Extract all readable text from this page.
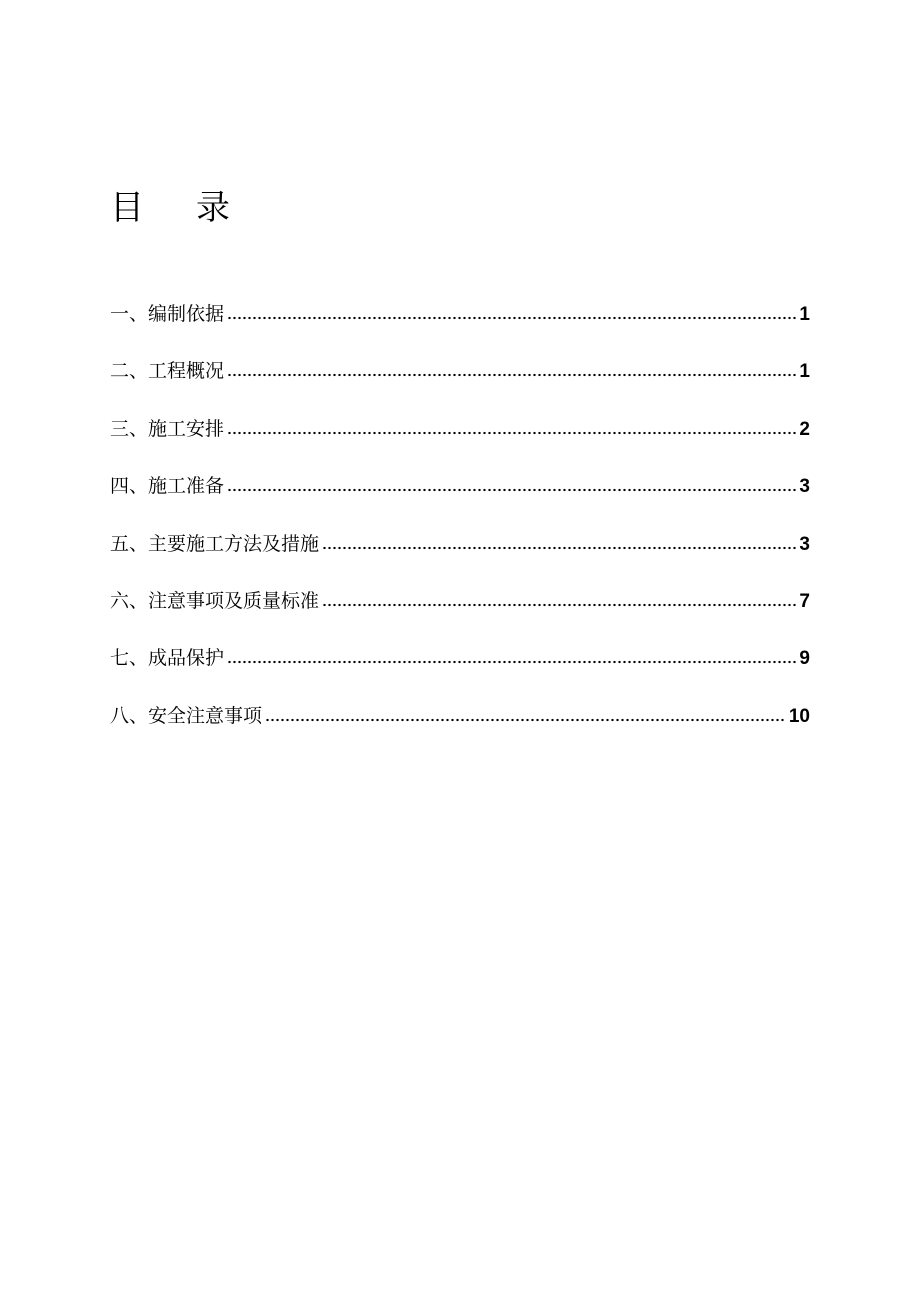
目 录
一、编制依据	1
二、工程概况	1
三、施工安排	2
四、施工准备	3
五、主要施工方法及措施	3
六、注意事项及质量标准	7
七、成品保护	9
八、安全注意事项	10
